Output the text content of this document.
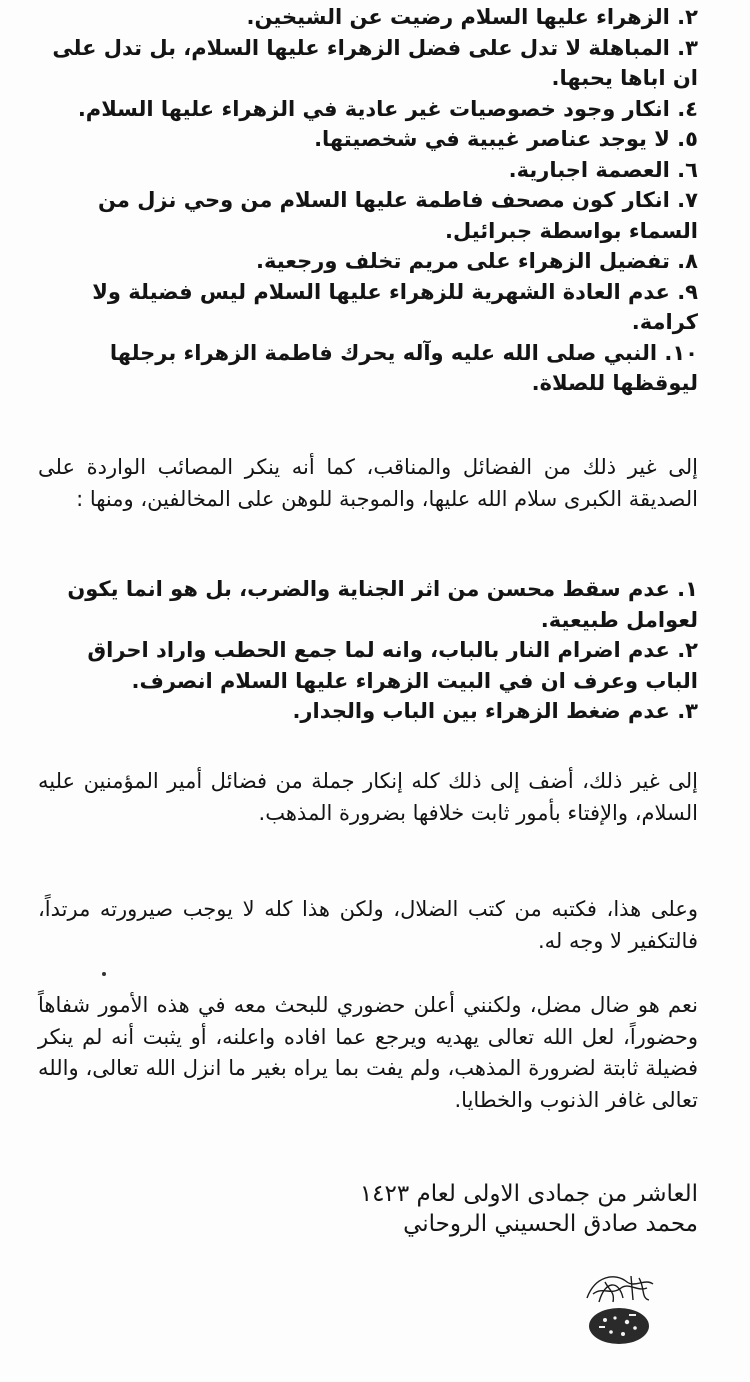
٢. الزهراء عليها السلام رضيت عن الشيخين.
٣. المباهلة لا تدل على فضل الزهراء عليها السلام، بل تدل على ان اباها يحبها.
٤. انكار وجود خصوصيات غير عادية في الزهراء عليها السلام.
٥. لا يوجد عناصر غيبية في شخصيتها.
٦. العصمة اجبارية.
٧. انكار كون مصحف فاطمة عليها السلام من وحي نزل من السماء بواسطة جبرائيل.
٨. تفضيل الزهراء على مريم تخلف ورجعية.
٩. عدم العادة الشهرية للزهراء عليها السلام ليس فضيلة ولا كرامة.
١٠. النبي صلى الله عليه وآله يحرك فاطمة الزهراء برجلها ليوقظها للصلاة.
إلى غير ذلك من الفضائل والمناقب، كما أنه ينكر المصائب الواردة على الصديقة الكبرى سلام الله عليها، والموجبة للوهن على المخالفين، ومنها :
١. عدم سقط محسن من اثر الجناية والضرب، بل هو انما يكون لعوامل طبيعية.
٢. عدم اضرام النار بالباب، وانه لما جمع الحطب واراد احراق الباب وعرف ان في البيت الزهراء عليها السلام انصرف.
٣. عدم ضغط الزهراء بين الباب والجدار.
إلى غير ذلك، أضف إلى ذلك كله إنكار جملة من فضائل أمير المؤمنين عليه السلام، والإفتاء بأمور ثابت خلافها بضرورة المذهب.
وعلى هذا، فكتبه من كتب الضلال، ولكن هذا كله لا يوجب صيرورته مرتداً، فالتكفير لا وجه له.
نعم هو ضال مضل، ولكنني أعلن حضوري للبحث معه في هذه الأمور شفاهاً وحضوراً، لعل الله تعالى يهديه ويرجع عما افاده واعلنه، أو يثبت أنه لم ينكر فضيلة ثابتة لضرورة المذهب، ولم يفت بما يراه بغير ما انزل الله تعالى، والله تعالى غافر الذنوب والخطايا.
العاشر من جمادى الاولى لعام ١٤٢٣
محمد صادق الحسيني الروحاني
